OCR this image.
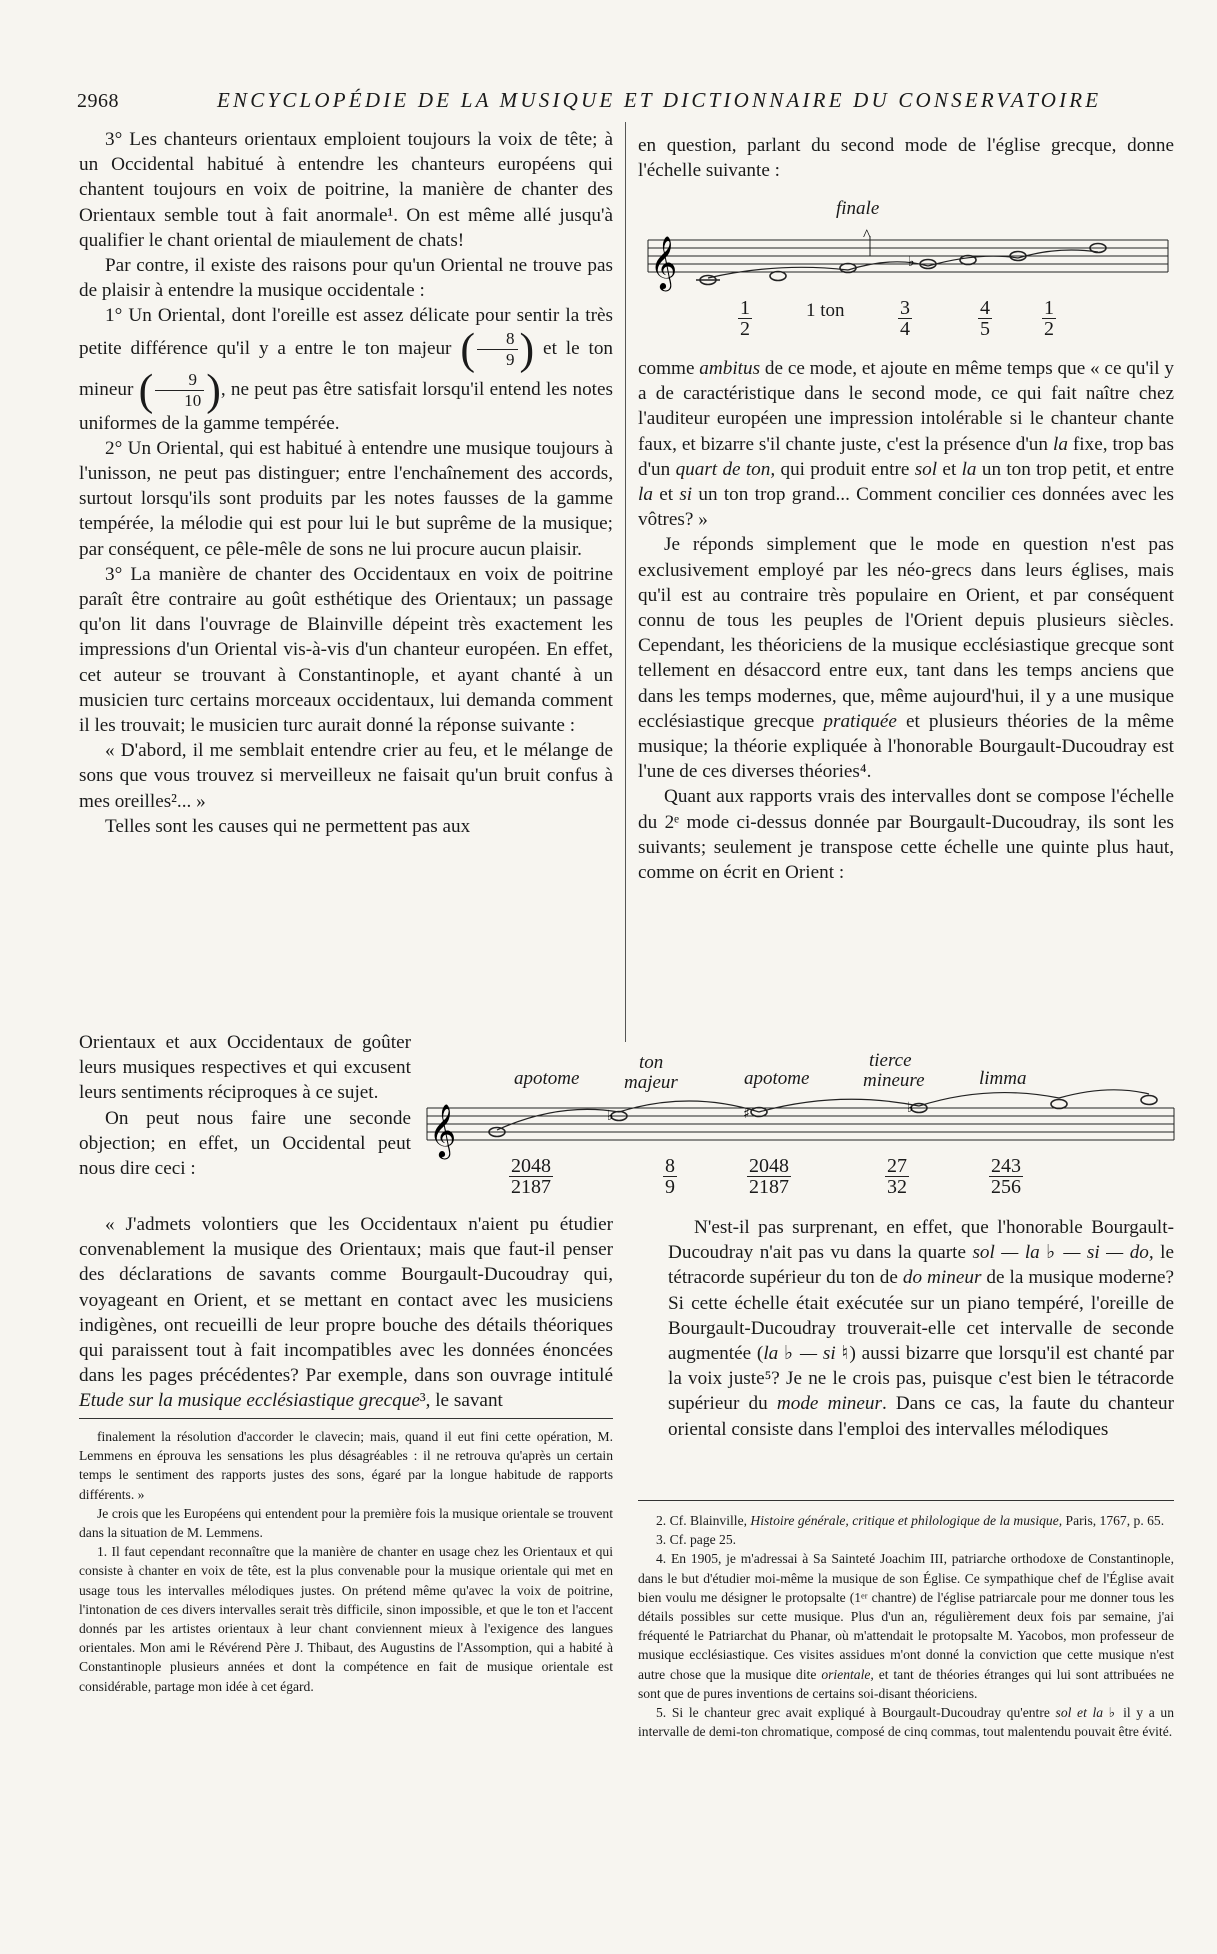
2968	ENCYCLOPÉDIE DE LA MUSIQUE ET DICTIONNAIRE DU CONSERVATOIRE

3° Les chanteurs orientaux emploient toujours la voix de tête; à un Occidental habitué à entendre les chanteurs européens qui chantent toujours en voix de poitrine, la manière de chanter des Orientaux semble tout à fait anormale¹. On est même allé jusqu'à qualifier le chant oriental de miaulement de chats!

Par contre, il existe des raisons pour qu'un Oriental ne trouve pas de plaisir à entendre la musique occidentale :

1° Un Oriental, dont l'oreille est assez délicate pour sentir la très petite différence qu'il y a entre le ton majeur ( $\frac{8}{9}$ ) et le ton mineur ( $\frac{9}{10}$ ), ne peut pas être satisfait lorsqu'il entend les notes uniformes de la gamme tempérée.

2° Un Oriental, qui est habitué à entendre une musique toujours à l'unisson, ne peut pas distinguer; entre l'enchaînement des accords, surtout lorsqu'ils sont produits par les notes fausses de la gamme tempérée, la mélodie qui est pour lui le but suprême de la musique; par conséquent, ce pêle-mêle de sons ne lui procure aucun plaisir.

3° La manière de chanter des Occidentaux en voix de poitrine paraît être contraire au goût esthétique des Orientaux; un passage qu'on lit dans l'ouvrage de Blainville dépeint très exactement les impressions d'un Oriental vis-à-vis d'un chanteur européen. En effet, cet auteur se trouvant à Constantinople, et ayant chanté à un musicien turc certains morceaux occidentaux, lui demanda comment il les trouvait; le musicien turc aurait donné la réponse suivante :

« D'abord, il me semblait entendre crier au feu, et le mélange de sons que vous trouvez si merveilleux ne faisait qu'un bruit confus à mes oreilles²... »

Telles sont les causes qui ne permettent pas aux

Orientaux et aux Occidentaux de goûter leurs musiques respectives et qui excusent leurs sentiments réciproques à ce sujet.

On peut nous faire une seconde objection; en effet, un Occidental peut nous dire ceci :

« J'admets volontiers que les Occidentaux n'aient pu étudier convenablement la musique des Orientaux; mais que faut-il penser des déclarations de savants comme Bourgault-Ducoudray qui, voyageant en Orient, et se mettant en contact avec les musiciens indigènes, ont recueilli de leur propre bouche des détails théoriques qui paraissent tout à fait incompatibles avec les données énoncées dans les pages précédentes? Par exemple, dans son ouvrage intitulé Etude sur la musique ecclésiastique grecque³, le savant

finalement la résolution d'accorder le clavecin; mais, quand il eut fini cette opération, M. Lemmens en éprouva les sensations les plus désagréables : il ne retrouva qu'après un certain temps le sentiment des rapports justes des sons, égaré par la longue habitude de rapports différents. »

Je crois que les Européens qui entendent pour la première fois la musique orientale se trouvent dans la situation de M. Lemmens.

1. Il faut cependant reconnaître que la manière de chanter en usage chez les Orientaux et qui consiste à chanter en voix de tête, est la plus convenable pour la musique orientale qui met en usage tous les intervalles mélodiques justes. On prétend même qu'avec la voix de poitrine, l'intonation de ces divers intervalles serait très difficile, sinon impossible, et que le ton et l'accent donnés par les artistes orientaux à leur chant conviennent mieux à l'exigence des langues orientales. Mon ami le Révérend Père J. Thibaut, des Augustins de l'Assomption, qui a habité à Constantinople plusieurs années et dont la compétence en fait de musique orientale est considérable, partage mon idée à cet égard.

en question, parlant du second mode de l'église grecque, donne l'échelle suivante :

𝄞	♭
^
finale
1 ton
1
2
3
4
4
5
1
2

comme ambitus de ce mode, et ajoute en même temps que « ce qu'il y a de caractéristique dans le second mode, ce qui fait naître chez l'auditeur européen une impression intolérable si le chanteur chante faux, et bizarre s'il chante juste, c'est la présence d'un la fixe, trop bas d'un quart de ton, qui produit entre sol et la un ton trop petit, et entre la et si un ton trop grand... Comment concilier ces données avec les vôtres? »

Je réponds simplement que le mode en question n'est pas exclusivement employé par les néo-grecs dans leurs églises, mais qu'il est au contraire très populaire en Orient, et par conséquent connu de tous les peuples de l'Orient depuis plusieurs siècles. Cependant, les théoriciens de la musique ecclésiastique grecque sont tellement en désaccord entre eux, tant dans les temps anciens que dans les temps modernes, que, même aujourd'hui, il y a une musique ecclésiastique grecque pratiquée et plusieurs théories de la même musique; la théorie expliquée à l'honorable Bourgault-Ducoudray est l'une de ces diverses théories⁴.

Quant aux rapports vrais des intervalles dont se compose l'échelle du 2ᵉ mode ci-dessus donnée par Bourgault-Ducoudray, ils sont les suivants; seulement je transpose cette échelle une quinte plus haut, comme on écrit en Orient :

𝄞	♭	♯	♭
apotome
ton
majeur	apotome
tierce
mineure	limma
2048
2187
8
9
2048
2187
27
32
243
256

N'est-il pas surprenant, en effet, que l'honorable Bourgault-Ducoudray n'ait pas vu dans la quarte sol — la ♭ — si — do, le tétracorde supérieur du ton de do mineur de la musique moderne? Si cette échelle était exécutée sur un piano tempéré, l'oreille de Bourgault-Ducoudray trouverait-elle cet intervalle de seconde augmentée (la ♭ — si ♮) aussi bizarre que lorsqu'il est chanté par la voix juste⁵? Je ne le crois pas, puisque c'est bien le tétracorde supérieur du mode mineur. Dans ce cas, la faute du chanteur oriental consiste dans l'emploi des intervalles mélodiques

2. Cf. Blainville, Histoire générale, critique et philologique de la musique, Paris, 1767, p. 65.

3. Cf. page 25.

4. En 1905, je m'adressai à Sa Sainteté Joachim III, patriarche orthodoxe de Constantinople, dans le but d'étudier moi-même la musique de son Église. Ce sympathique chef de l'Église avait bien voulu me désigner le protopsalte (1ᵉʳ chantre) de l'église patriarcale pour me donner tous les détails possibles sur cette musique. Plus d'un an, régulièrement deux fois par semaine, j'ai fréquenté le Patriarchat du Phanar, où m'attendait le protopsalte M. Yacobos, mon professeur de musique ecclésiastique. Ces visites assidues m'ont donné la conviction que cette musique n'est autre chose que la musique dite orientale, et tant de théories étranges qui lui sont attribuées ne sont que de pures inventions de certains soi-disant théoriciens.

5. Si le chanteur grec avait expliqué à Bourgault-Ducoudray qu'entre sol et la ♭ il y a un intervalle de demi-ton chromatique, composé de cinq commas, tout malentendu pouvait être évité.
